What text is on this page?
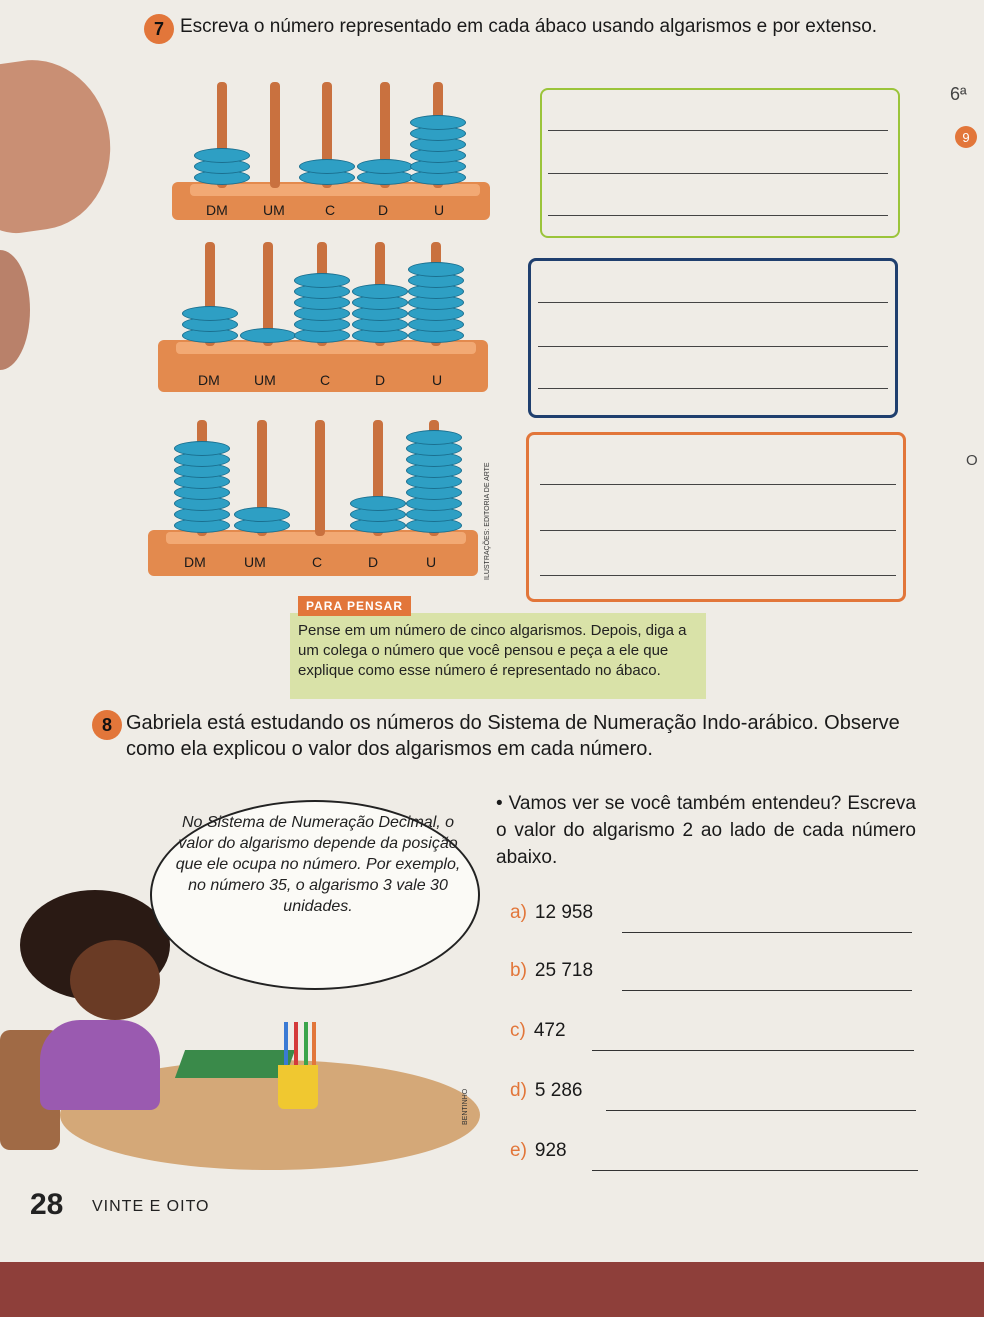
7 Escreva o número representado em cada ábaco usando algarismos e por extenso.
DM	UM	C	D	U
DM UM	C	D	U
DM	UM	C	D	U	ILUSTRAÇÕES: EDITORIA DE ARTE
6ª
9
O
Pense em um número de cinco algarismos. Depois, diga a um colega o número que você pensou e peça a ele que explique como esse número é representado no ábaco.
PARA PENSAR
8 Gabriela está estudando os números do Sistema de Numeração Indo-arábico. Observe como ela explicou o valor dos algarismos em cada número.
BENTINHO
No Sistema de Numeração Decimal, o valor do algarismo depende da posição que ele ocupa no número. Por exemplo, no número 35, o algarismo 3 vale 30 unidades.
• Vamos ver se você também entendeu? Escreva o valor do algarismo 2 ao lado de cada número abaixo.
a) 12 958
b) 25 718
c) 472
d) 5 286
e) 928
28 VINTE E OITO
